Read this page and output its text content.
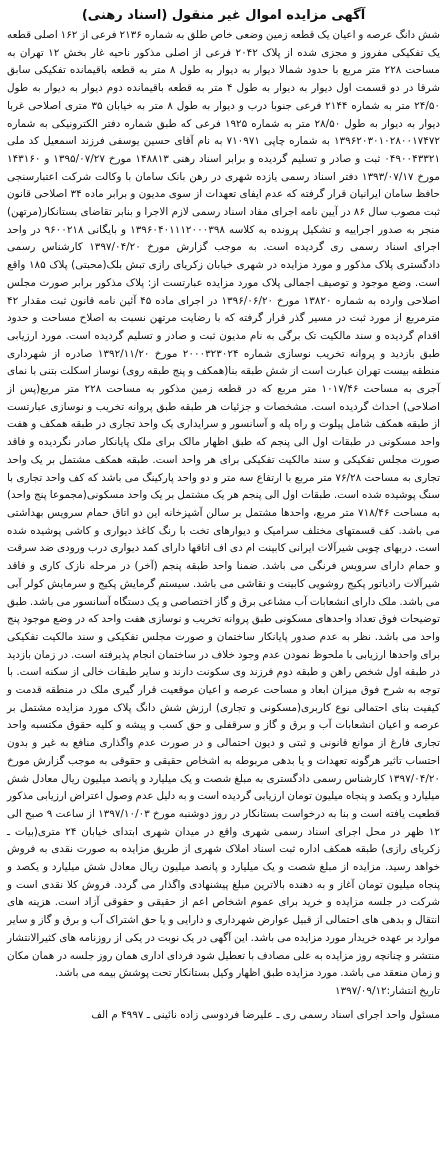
آگهی مزایده اموال غیر منقول (اسناد رهنی)

شش دانگ عرصه و اعیان یک قطعه زمین وضعی خاص طلق به شماره ۲۱۳۶ فرعی از ۱۶۲ اصلی قطعه یک تفکیکی مفروز و مجزی شده از پلاک ۲۰۴۲ فرعی از اصلی مذکور ناحیه غار بخش ۱۲ تهران به مساحت ۲۲۸ متر مربع با حدود شمالا دیوار به دیوار به طول ۸ متر به قطعه باقیمانده تفکیکی سابق شرقا در دو قسمت اول دیوار به دیوار به طول ۴ متر به قطعه باقیمانده دوم دیوار به دیوار به طول ۲۴/۵۰ متر به شماره ۲۱۴۴ فرعی جنوبا درب و دیوار به طول ۸ متر به خیابان ۳۵ متری اصلاحی غربا دیوار به دیوار به طول ۲۸/۵۰ متر به شماره ۱۹۲۵ فرعی که طبق شماره دفتر الکترونیکی به شماره ۱۳۹۶۲۰۳۰۱۰۲۸۰۰۱۷۴۷۲ به شماره چاپی ۷۱۰۹۷۱ به نام آقای حسین یوسفی فرزند اسمعیل کد ملی ۰۴۹۰۰۴۳۳۲۱ ثبت و صادر و تسلیم گردیده و برابر اسناد رهنی ۱۴۸۸۱۳ مورخ ۱۳۹۵/۰۷/۲۷ و ۱۴۳۱۶۰ مورخ ۱۳۹۳/۰۷/۱۷ دفتر اسناد رسمی یازده شهری در رهن بانک سامان با وکالت شرکت اعتبارسنجی حافظ سامان ایرانیان قرار گرفته که عدم ایفای تعهدات از سوی مدیون و برابر ماده ۳۴ اصلاحی قانون ثبت مصوب سال ۸۶ در آیین نامه اجرای مفاد اسناد رسمی لازم الاجرا و بنابر تقاضای بستانکار(مرتهن) منجر به صدور اجراییه و تشکیل پرونده به کلاسه ۱۳۹۶۰۴۰۱۱۱۲۰۰۰۳۹۸ و بایگانی ۹۶۰۰۲۱۸ در واحد اجرای اسناد رسمی ری گردیده است. به موجب گزارش مورخ ۱۳۹۷/۰۴/۲۰ کارشناس رسمی دادگستری پلاک مذکور و مورد مزایده در شهری خیابان زکریای رازی تبش بلک(محبتی) پلاک ۱۸۵ واقع است. وضع موجود و توصیف اجمالی پلاک مورد مزایده عبارتست از: پلاک مذکور برابر صورت مجلس اصلاحی وارده به شماره ۱۳۸۲۰ مورخ ۱۳۹۶/۰۶/۲۰ در اجرای ماده ۴۵ آئین نامه قانون ثبت مقدار ۴۲ مترمربع از مورد ثبت در مسیر گذر قرار گرفته که با رضایت مرتهن نسبت به اصلاح مساحت و حدود اقدام گردیده و سند مالکیت تک برگی به نام مدیون ثبت و صادر و تسلیم گردیده است. مورد ارزیابی طبق بازدید و پروانه تخریب نوسازی شماره ۲۰۰۰۳۲۳۰۲۴ مورخ ۱۳۹۲/۱۱/۲۰ صادره از شهرداری منطقه بیست تهران عبارت است از شش طبقه بنا(همکف و پنج طبقه روی) نوساز اسکلت بتنی با نمای آجری به مساحت ۱۰۱۷/۴۶ متر مربع که در قطعه زمین مذکور به مساحت ۲۲۸ متر مربع(پس از اصلاحی) احداث گردیده است. مشخصات و جزئیات هر طبقه طبق پروانه تخریب و نوسازی عبارتست از طبقه همکف شامل پیلوت و راه پله و آسانسور و سرایداری یک واحد تجاری در طبقه همکف و هفت واحد مسکونی در طبقات اول الی پنجم که طبق اظهار مالک برای ملک پایانکار صادر نگردیده و فاقد صورت مجلس تفکیکی و سند مالکیت تفکیکی برای هر واحد است. طبقه همکف مشتمل بر یک واحد تجاری به مساحت ۷۶/۲۸ متر مربع با ارتفاع سه متر و دو واحد پارکینگ می باشد که کف واحد تجاری با سنگ پوشیده شده است. طبقات اول الی پنجم هر یک مشتمل بر یک واحد مسکونی(مجموعا پنج واحد) به مساحت ۷۱۸/۴۶ متر مربع، واحدها مشتمل بر سالن آشپزخانه این دو اتاق حمام سرویس بهداشتی می باشد. کف قسمتهای مختلف سرامیک و دیوارهای تخت با رنگ کاغذ دیواری و کاشی پوشیده شده است. دربهای چوبی شیرآلات ایرانی کابینت ام دی اف اتاقها دارای کمد دیواری درب ورودی ضد سرقت و حمام دارای سرویس فرنگی می باشد. ضمنا واحد طبقه پنجم (آخر) در مرحله نازک کاری و فاقد شیرآلات رادیاتور پکیج روشویی کابینت و نقاشی می باشد. سیستم گرمایش پکیج و سرمایش کولر آبی می باشد. ملک دارای انشعابات آب مشاعی برق و گاز اختصاصی و یک دستگاه آسانسور می باشد. طبق توضیحات فوق تعداد واحدهای مسکونی طبق پروانه تخریب و نوسازی هفت واحد که در وضع موجود پنج واحد می باشد. نظر به عدم صدور پایانکار ساختمان و صورت مجلس تفکیکی و سند مالکیت تفکیکی برای واحدها ارزیابی با ملحوظ نمودن عدم وجود خلاف در ساختمان انجام پذیرفته است. در زمان بازدید در طبقه اول شخص راهن و طبقه دوم فرزند وی سکونت دارند و سایر طبقات خالی از سکنه است. با توجه به شرح فوق میزان ابعاد و مساحت عرصه و اعیان موقعیت قرار گیری ملک در منطقه قدمت و کیفیت بنای احتمالی نوع کاربری(مسکونی و تجاری) ارزش شش دانگ پلاک مورد مزایده مشتمل بر عرصه و اعیان انشعابات آب و برق و گاز و سرقفلی و حق کسب و پیشه و کلیه حقوق مکتسبه واحد تجاری فارغ از موانع قانونی و ثبتی و دیون احتمالی و در صورت عدم واگذاری منافع به غیر و بدون احتساب تاثیر هرگونه تعهدات و یا بدهی مربوطه به اشخاص حقیقی و حقوقی به موجب گزارش مورخ ۱۳۹۷/۰۴/۲۰ کارشناس رسمی دادگستری به مبلغ شصت و یک میلیارد و پانصد میلیون ریال معادل شش میلیارد و یکصد و پنجاه میلیون تومان ارزیابی گردیده است و به دلیل عدم وصول اعتراض ارزیابی مذکور قطعیت یافته است و بنا به درخواست بستانکار در روز دوشنبه مورخ ۱۳۹۷/۱۰/۰۳ از ساعت ۹ صبح الی ۱۲ ظهر در محل اجرای اسناد رسمی شهری واقع در میدان شهری ابتدای خیابان ۲۴ متری(بیات ـ زکریای رازی) طبقه همکف اداره ثبت اسناد املاک شهری از طریق مزایده به صورت نقدی به فروش خواهد رسید. مزایده از مبلغ شصت و یک میلیارد و پانصد میلیون ریال معادل شش میلیارد و یکصد و پنجاه میلیون تومان آغاز و به دهنده بالاترین مبلغ پیشنهادی واگذار می گردد. فروش کلا نقدی است و شرکت در جلسه مزایده و خرید برای عموم اشخاص اعم از حقیقی و حقوقی آزاد است. هزینه های انتقال و بدهی های احتمالی از قبیل عوارض شهرداری و دارایی و یا حق اشتراک آب و برق و گاز و سایر موارد بر عهده خریدار مورد مزایده می باشد. این آگهی در یک نوبت در یکی از روزنامه های کثیرالانتشار منتشر و چنانچه روز مزایده به علی مصادف با تعطیل شود فردای اداری همان روز جلسه در همان مکان و زمان منعقد می باشد. مورد مزایده طبق اظهار وکیل بستانکار تحت پوشش بیمه می باشد.

تاریخ انتشار:۱۳۹۷/۰۹/۱۲

مسئول واحد اجرای اسناد رسمی ری ـ علیرضا فردوسی زاده نائینی ـ ۴۹۹۷ م الف
